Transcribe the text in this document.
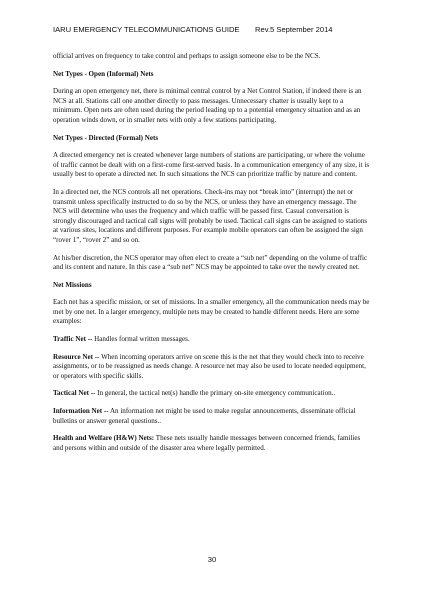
IARU EMERGENCY TELECOMMUNICATIONS GUIDE Rev.5 September 2014

official arrives on frequency to take control and perhaps to assign someone else to be the NCS.

Net Types - Open (Informal) Nets

During an open emergency net, there is minimal central control by a Net Control Station, if indeed there is an NCS at all. Stations call one another directly to pass messages. Unnecessary chatter is usually kept to a minimum. Open nets are often used during the period leading up to a potential emergency situation and as an operation winds down, or in smaller nets with only a few stations participating.

Net Types - Directed (Formal) Nets

A directed emergency net is created whenever large numbers of stations are participating, or where the volume of traffic cannot be dealt with on a first-come first-served basis. In a communication emergency of any size, it is usually best to operate a directed net. In such situations the NCS can prioritize traffic by nature and content.

In a directed net, the NCS controls all net operations. Check-ins may not “break into” (interrupt) the net or transmit unless specifically instructed to do so by the NCS, or unless they have an emergency message. The NCS will determine who uses the frequency and which traffic will be passed first. Casual conversation is strongly discouraged and tactical call signs will probably be used. Tactical call signs can be assigned to stations at various sites, locations and different purposes. For example mobile operators can often be assigned the sign “rover 1”, “rover 2” and so on.

At his/her discretion, the NCS operator may often elect to create a “sub net” depending on the volume of traffic and its content and nature. In this case a “sub net” NCS may be appointed to take over the newly created net.

Net Missions

Each net has a specific mission, or set of missions. In a smaller emergency, all the communication needs may be met by one net. In a larger emergency, multiple nets may be created to handle different needs. Here are some examples:

Traffic Net -- Handles formal written messages.

Resource Net -- When incoming operators arrive on scene this is the net that they would check into to receive assignments, or to be reassigned as needs change. A resource net may also be used to locate needed equipment, or operators with specific skills.

Tactical Net -- In general, the tactical net(s) handle the primary on-site emergency communication..

Information Net -- An information net might be used to make regular announcements, disseminate official bulletins or answer general questions..

Health and Welfare (H&W) Nets: These nets usually handle messages between concerned friends, families and persons within and outside of the disaster area where legally permitted.

30
